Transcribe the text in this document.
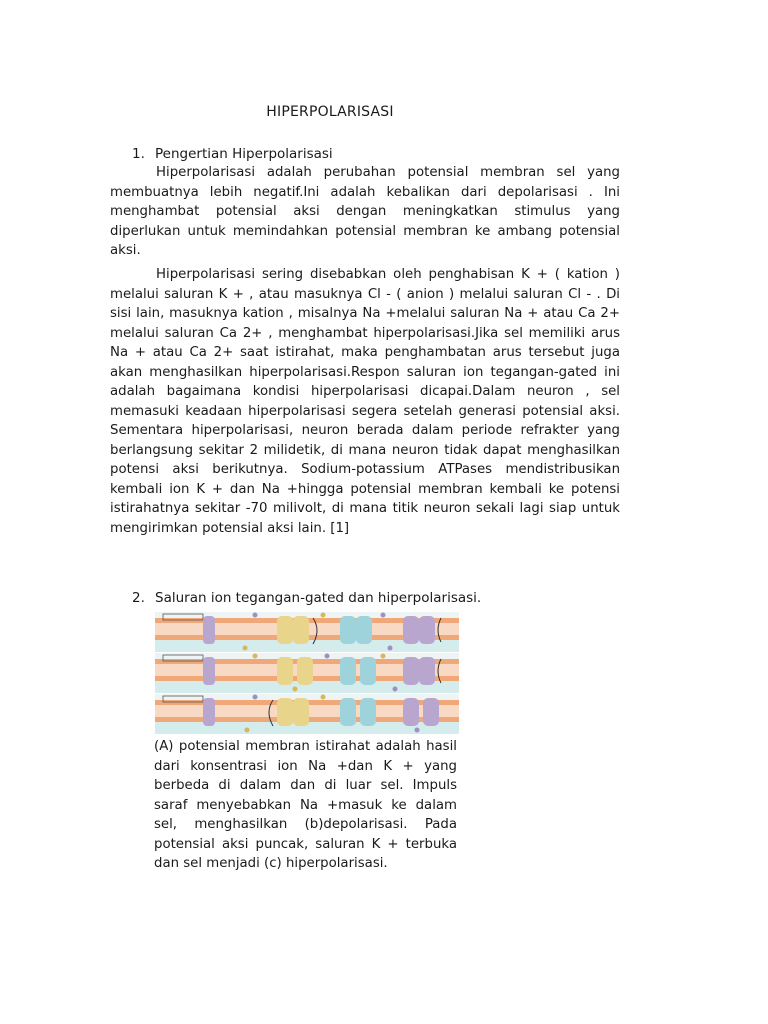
HIPERPOLARISASI
1. Pengertian Hiperpolarisasi

Hiperpolarisasi adalah perubahan potensial membran sel yang membuatnya lebih negatif.Ini adalah kebalikan dari depolarisasi . Ini menghambat potensial aksi dengan meningkatkan stimulus yang diperlukan untuk memindahkan potensial membran ke ambang potensial aksi.

Hiperpolarisasi sering disebabkan oleh penghabisan K + ( kation ) melalui saluran K + , atau masuknya Cl - ( anion ) melalui saluran Cl - . Di sisi lain, masuknya kation , misalnya Na +melalui saluran Na + atau Ca 2+ melalui saluran Ca 2+ , menghambat hiperpolarisasi.Jika sel memiliki arus Na + atau Ca 2+ saat istirahat, maka penghambatan arus tersebut juga akan menghasilkan hiperpolarisasi.Respon saluran ion tegangan-gated ini adalah bagaimana kondisi hiperpolarisasi dicapai.Dalam neuron , sel memasuki keadaan hiperpolarisasi segera setelah generasi potensial aksi. Sementara hiperpolarisasi, neuron berada dalam periode refrakter yang berlangsung sekitar 2 milidetik, di mana neuron tidak dapat menghasilkan potensi aksi berikutnya. Sodium-potassium ATPases mendistribusikan kembali ion K + dan Na +hingga potensial membran kembali ke potensi istirahatnya sekitar -70 milivolt, di mana titik neuron sekali lagi siap untuk mengirimkan potensial aksi lain. [1]

2. Saluran ion tegangan-gated dan hiperpolarisasi.

(A) potensial membran istirahat adalah hasil dari konsentrasi ion Na +dan K + yang berbeda di dalam dan di luar sel. Impuls saraf menyebabkan Na +masuk ke dalam sel, menghasilkan (b)depolarisasi. Pada potensial aksi puncak, saluran K + terbuka dan sel menjadi (c) hiperpolarisasi.
